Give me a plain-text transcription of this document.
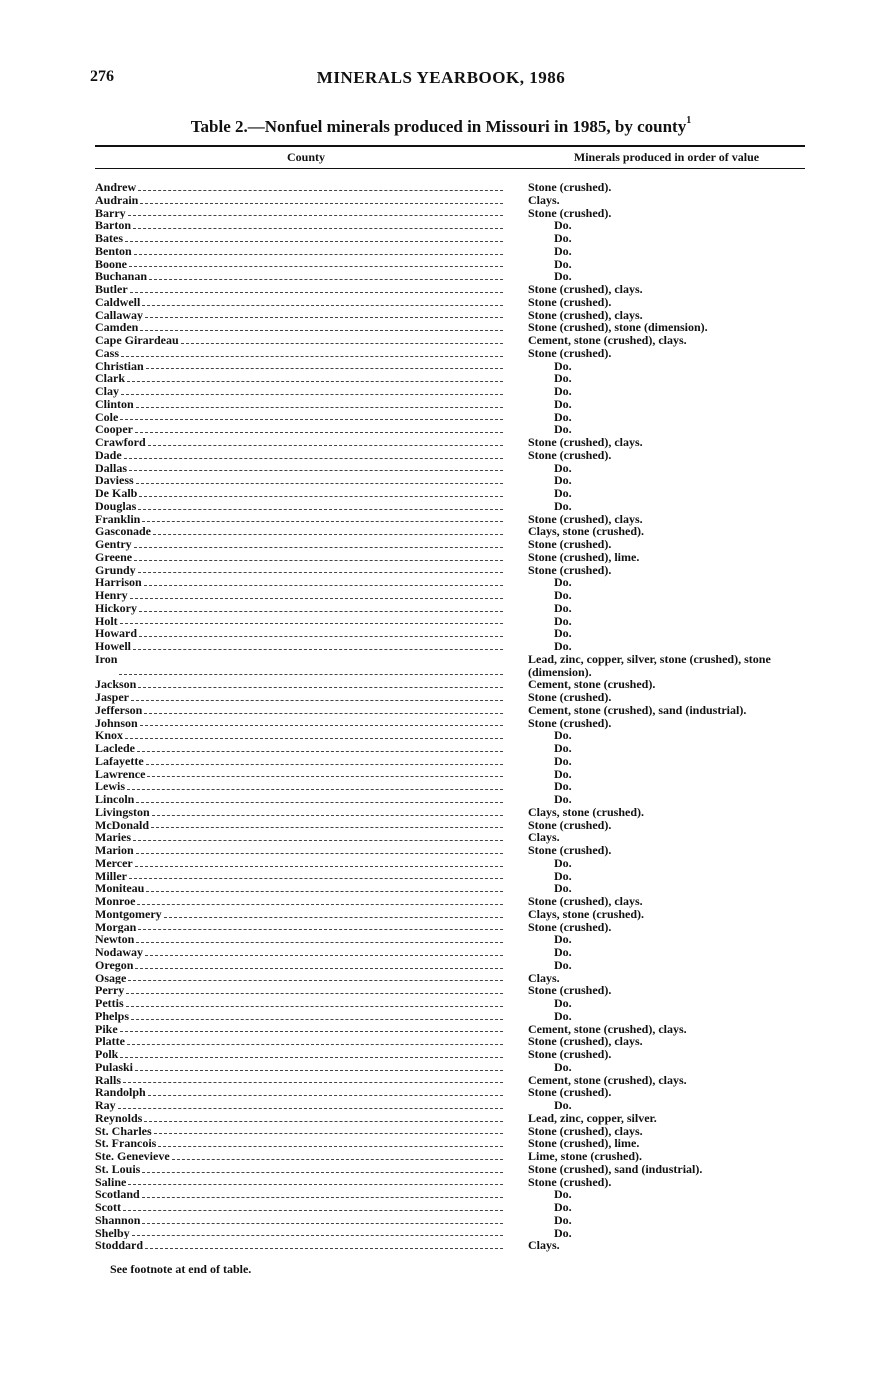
276	MINERALS YEARBOOK, 1986
Table 2.—Nonfuel minerals produced in Missouri in 1985, by county$^1$
County	Minerals produced in order of value
Andrew	Stone (crushed).
Audrain	Clays.
Barry	Stone (crushed).
Barton	Do.
Bates	Do.
Benton	Do.
Boone	Do.
Buchanan	Do.
Butler	Stone (crushed), clays.
Caldwell	Stone (crushed).
Callaway	Stone (crushed), clays.
Camden	Stone (crushed), stone (dimension).
Cape Girardeau	Cement, stone (crushed), clays.
Cass	Stone (crushed).
Christian	Do.
Clark	Do.
Clay	Do.
Clinton	Do.
Cole	Do.
Cooper	Do.
Crawford	Stone (crushed), clays.
Dade	Stone (crushed).
Dallas	Do.
Daviess	Do.
De Kalb	Do.
Douglas	Do.
Franklin	Stone (crushed), clays.
Gasconade	Clays, stone (crushed).
Gentry	Stone (crushed).
Greene	Stone (crushed), lime.
Grundy	Stone (crushed).
Harrison	Do.
Henry	Do.
Hickory	Do.
Holt	Do.
Howard	Do.
Howell	Do.
Iron	Lead, zinc, copper, silver, stone (crushed), stone (dimension).
Jackson	Cement, stone (crushed).
Jasper	Stone (crushed).
Jefferson	Cement, stone (crushed), sand (industrial).
Johnson	Stone (crushed).
Knox	Do.
Laclede	Do.
Lafayette	Do.
Lawrence	Do.
Lewis	Do.
Lincoln	Do.
Livingston	Clays, stone (crushed).
McDonald	Stone (crushed).
Maries	Clays.
Marion	Stone (crushed).
Mercer	Do.
Miller	Do.
Moniteau	Do.
Monroe	Stone (crushed), clays.
Montgomery	Clays, stone (crushed).
Morgan	Stone (crushed).
Newton	Do.
Nodaway	Do.
Oregon	Do.
Osage	Clays.
Perry	Stone (crushed).
Pettis	Do.
Phelps	Do.
Pike	Cement, stone (crushed), clays.
Platte	Stone (crushed), clays.
Polk	Stone (crushed).
Pulaski	Do.
Ralls	Cement, stone (crushed), clays.
Randolph	Stone (crushed).
Ray	Do.
Reynolds	Lead, zinc, copper, silver.
St. Charles	Stone (crushed), clays.
St. Francois	Stone (crushed), lime.
Ste. Genevieve	Lime, stone (crushed).
St. Louis	Stone (crushed), sand (industrial).
Saline	Stone (crushed).
Scotland	Do.
Scott	Do.
Shannon	Do.
Shelby	Do.
Stoddard	Clays.
See footnote at end of table.
